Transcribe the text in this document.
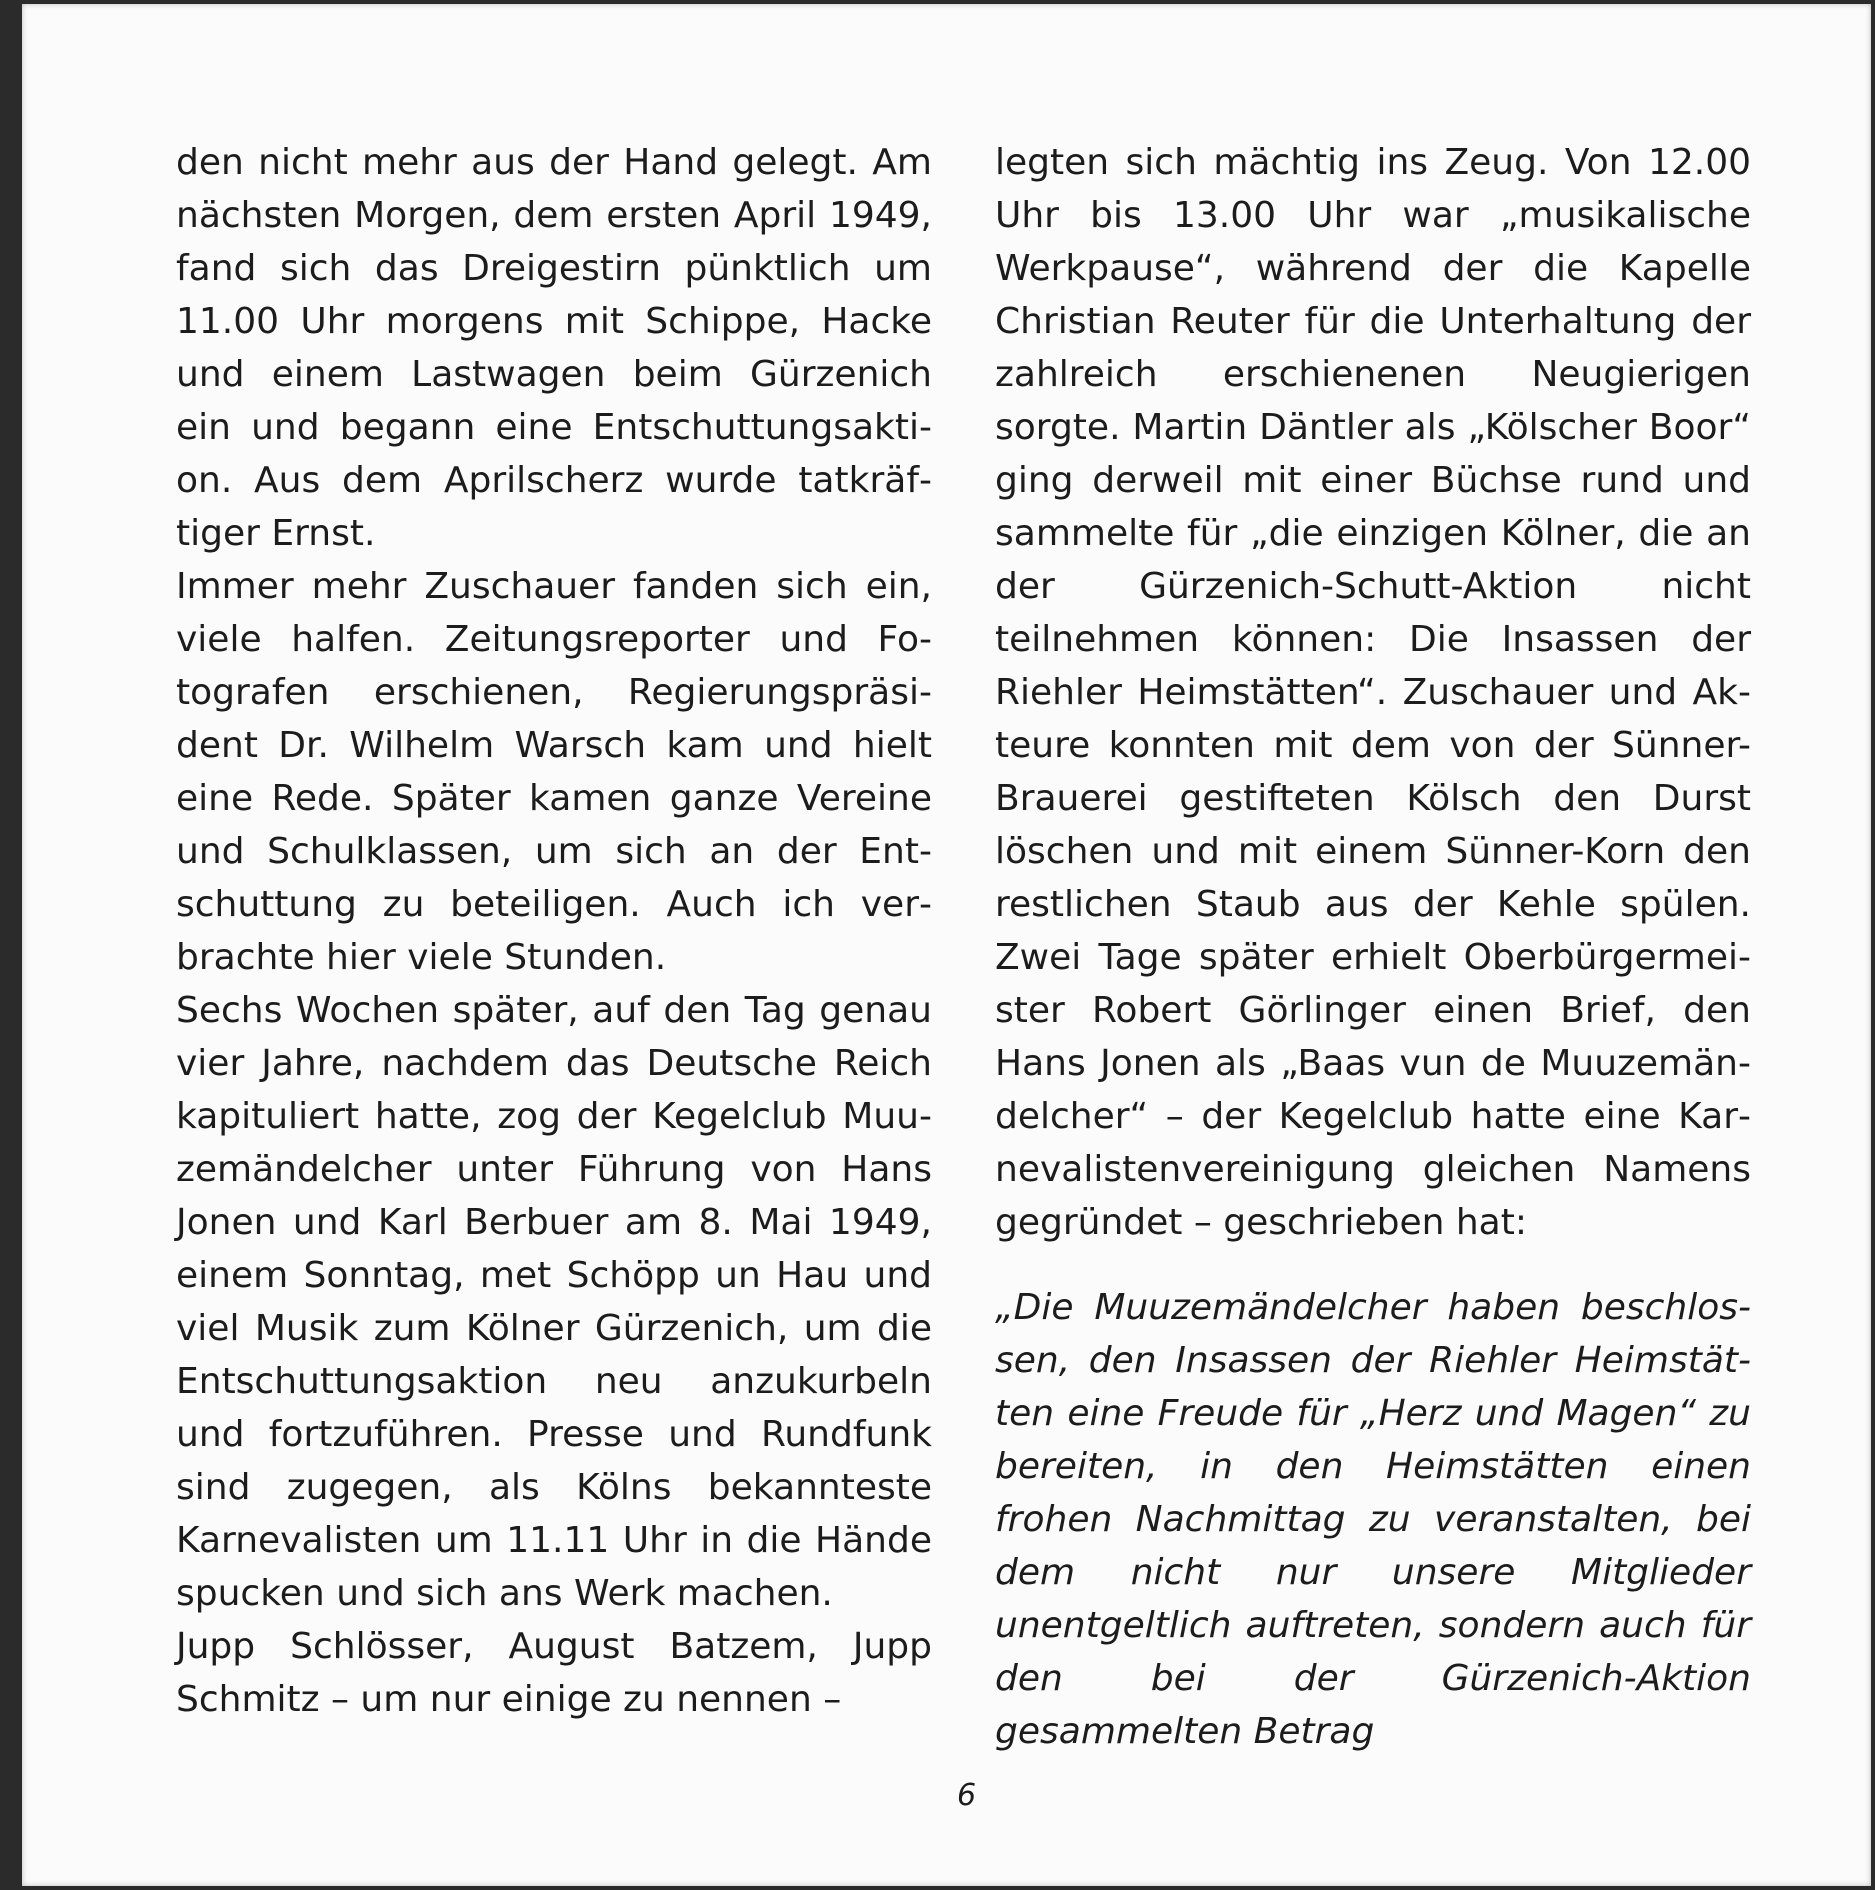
den nicht mehr aus der Hand gelegt. Am nächsten Morgen, dem ersten April 1949, fand sich das Dreigestirn pünktlich um 11.00 Uhr morgens mit Schippe, Hacke und einem Lastwagen beim Gürzenich ein und begann eine Entschuttungsaktion. Aus dem Aprilscherz wurde tatkräftiger Ernst.

Immer mehr Zuschauer fanden sich ein, viele halfen. Zeitungsreporter und Fotografen erschienen, Regierungspräsident Dr. Wilhelm Warsch kam und hielt eine Rede. Später kamen ganze Vereine und Schulklassen, um sich an der Entschuttung zu beteiligen. Auch ich verbrachte hier viele Stunden.

Sechs Wochen später, auf den Tag genau vier Jahre, nachdem das Deutsche Reich kapituliert hatte, zog der Kegelclub Muuzemändelcher unter Führung von Hans Jonen und Karl Berbuer am 8. Mai 1949, einem Sonntag, met Schöpp un Hau und viel Musik zum Kölner Gürzenich, um die Entschuttungsaktion neu anzukurbeln und fortzuführen. Presse und Rundfunk sind zugegen, als Kölns bekannteste Karnevalisten um 11.11 Uhr in die Hände spucken und sich ans Werk machen.

Jupp Schlösser, August Batzem, Jupp Schmitz – um nur einige zu nennen –

legten sich mächtig ins Zeug. Von 12.00 Uhr bis 13.00 Uhr war „musikalische Werkpause“, während der die Kapelle Christian Reuter für die Unterhaltung der zahlreich erschienenen Neugierigen sorgte. Martin Däntler als „Kölscher Boor“ ging derweil mit einer Büchse rund und sammelte für „die einzigen Kölner, die an der Gürzenich-Schutt-Aktion nicht teilnehmen können: Die Insassen der Riehler Heimstätten“. Zuschauer und Akteure konnten mit dem von der Sünner-Brauerei gestifteten Kölsch den Durst löschen und mit einem Sünner-Korn den restlichen Staub aus der Kehle spülen. Zwei Tage später erhielt Oberbürgermeister Robert Görlinger einen Brief, den Hans Jonen als „Baas vun de Muuzemändelcher“ – der Kegelclub hatte eine Karnevalistenvereinigung gleichen Namens gegründet – geschrieben hat:

„Die Muuzemändelcher haben beschlossen, den Insassen der Riehler Heimstätten eine Freude für „Herz und Magen“ zu bereiten, in den Heimstätten einen frohen Nachmittag zu veranstalten, bei dem nicht nur unsere Mitglieder unentgeltlich auftreten, sondern auch für den bei der Gürzenich-Aktion gesammelten Betrag

6
